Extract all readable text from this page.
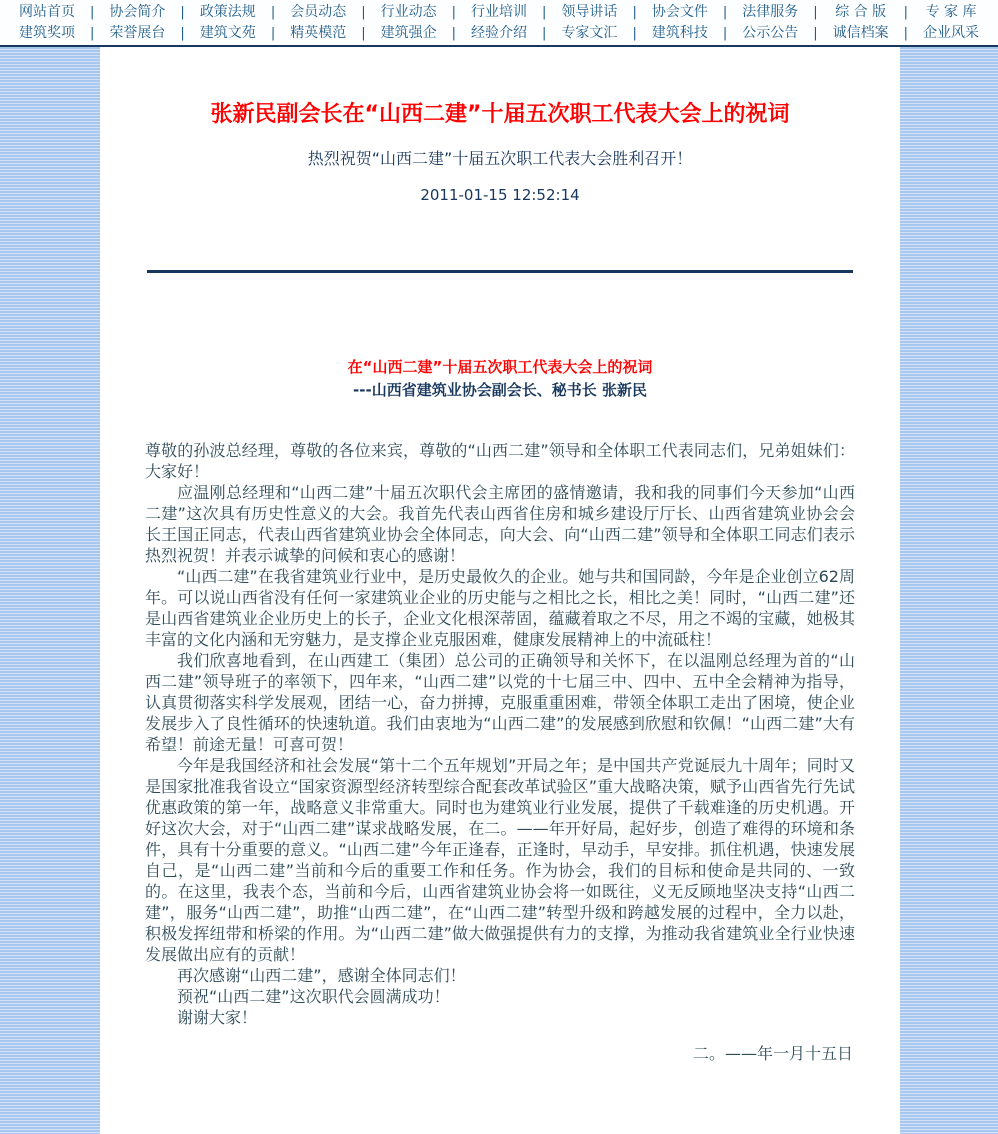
网站首页	|	协会简介	|	政策法规	|	会员动态	|	行业动态	|	行业培训	|	领导讲话	|	协会文件	|	法律服务	|	综 合 版	|	专 家 库
建筑奖项	|	荣誉展台	|	建筑文苑	|	精英模范	|	建筑强企	|	经验介绍	|	专家文汇	|	建筑科技	|	公示公告	|	诚信档案	|	企业风采
张新民副会长在“山西二建”十届五次职工代表大会上的祝词

热烈祝贺“山西二建”十届五次职工代表大会胜利召开！

2011-01-15 12:52:14

在“山西二建”十届五次职工代表大会上的祝词

---山西省建筑业协会副会长、秘书长 张新民

尊敬的孙波总经理，尊敬的各位来宾，尊敬的“山西二建”领导和全体职工代表同志们，兄弟姐妹们：大家好！

应温刚总经理和“山西二建”十届五次职代会主席团的盛情邀请，我和我的同事们今天参加“山西二建”这次具有历史性意义的大会。我首先代表山西省住房和城乡建设厅厅长、山西省建筑业协会会长王国正同志，代表山西省建筑业协会全体同志，向大会、向“山西二建”领导和全体职工同志们表示热烈祝贺！并表示诚挚的问候和衷心的感谢！

“山西二建”在我省建筑业行业中，是历史最攸久的企业。她与共和国同龄，今年是企业创立62周年。可以说山西省没有任何一家建筑业企业的历史能与之相比之长，相比之美！同时，“山西二建”还是山西省建筑业企业历史上的长子，企业文化根深蒂固，蕴藏着取之不尽，用之不竭的宝藏，她极其丰富的文化内涵和无穷魅力，是支撑企业克服困难，健康发展精神上的中流砥柱！

我们欣喜地看到，在山西建工（集团）总公司的正确领导和关怀下，在以温刚总经理为首的“山西二建”领导班子的率领下，四年来，“山西二建”以党的十七届三中、四中、五中全会精神为指导，认真贯彻落实科学发展观，团结一心，奋力拼搏，克服重重困难，带领全体职工走出了困境，使企业发展步入了良性循环的快速轨道。我们由衷地为“山西二建”的发展感到欣慰和钦佩！“山西二建”大有希望！前途无量！可喜可贺！

今年是我国经济和社会发展“第十二个五年规划”开局之年；是中国共产党诞辰九十周年；同时又是国家批准我省设立“国家资源型经济转型综合配套改革试验区”重大战略决策，赋予山西省先行先试优惠政策的第一年，战略意义非常重大。同时也为建筑业行业发展，提供了千载难逢的历史机遇。开好这次大会，对于“山西二建”谋求战略发展，在二。——年开好局，起好步，创造了难得的环境和条件，具有十分重要的意义。“山西二建”今年正逢春，正逢时，早动手，早安排。抓住机遇，快速发展自己，是“山西二建”当前和今后的重要工作和任务。作为协会，我们的目标和使命是共同的、一致的。在这里，我表个态，当前和今后，山西省建筑业协会将一如既往，义无反顾地坚决支持“山西二建”，服务“山西二建”，助推“山西二建”，在“山西二建”转型升级和跨越发展的过程中，全力以赴，积极发挥纽带和桥梁的作用。为“山西二建”做大做强提供有力的支撑，为推动我省建筑业全行业快速发展做出应有的贡献！

再次感谢“山西二建”，感谢全体同志们！

预祝“山西二建”这次职代会圆满成功！

谢谢大家！

二。——年一月十五日
